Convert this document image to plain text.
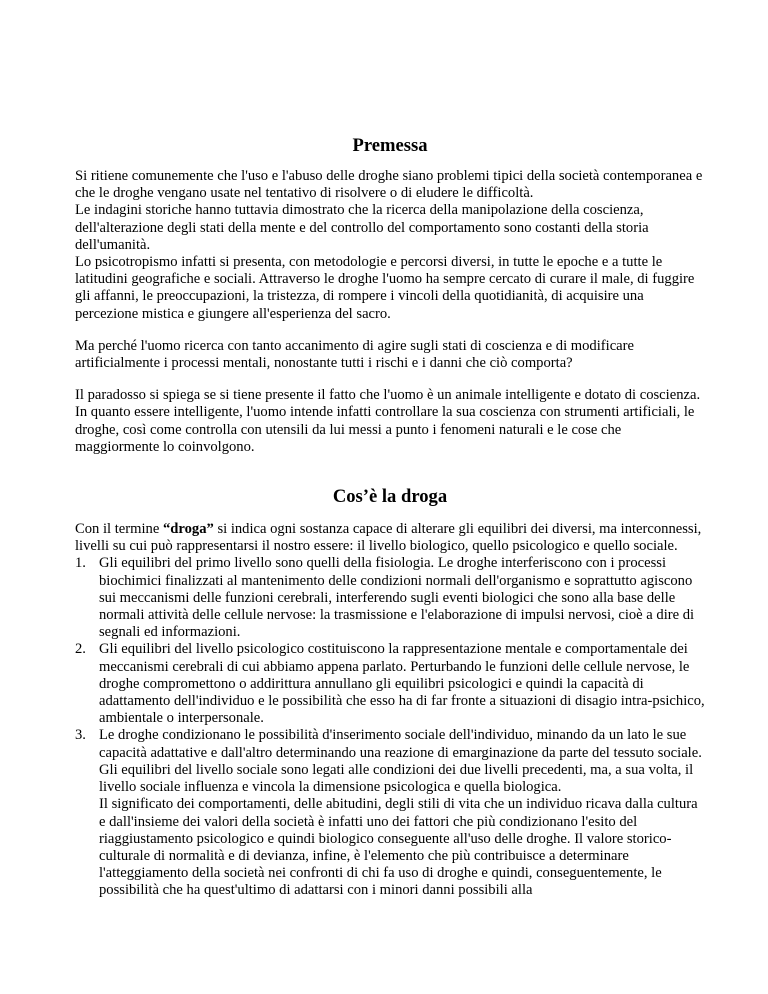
Premessa

Si ritiene comunemente che l'uso e l'abuso delle droghe siano problemi tipici della società contemporanea e che le droghe vengano usate nel tentativo di risolvere o di eludere le difficoltà.
Le indagini storiche hanno tuttavia dimostrato che la ricerca della manipolazione della coscienza, dell'alterazione degli stati della mente e del controllo del comportamento sono costanti della storia dell'umanità.
Lo psicotropismo infatti si presenta, con metodologie e percorsi diversi, in tutte le epoche e a tutte le latitudini geografiche e sociali. Attraverso le droghe l'uomo ha sempre cercato di curare il male, di fuggire gli affanni, le preoccupazioni, la tristezza, di rompere i vincoli della quotidianità, di acquisire una percezione mistica e giungere all'esperienza del sacro.

Ma perché l'uomo ricerca con tanto accanimento di agire sugli stati di coscienza e di modificare artificialmente i processi mentali, nonostante tutti i rischi e i danni che ciò comporta?

Il paradosso si spiega se si tiene presente il fatto che l'uomo è un animale intelligente e dotato di coscienza. In quanto essere intelligente, l'uomo intende infatti controllare la sua coscienza con strumenti artificiali, le droghe, così come controlla con utensili da lui messi a punto i fenomeni naturali e le cose che maggiormente lo coinvolgono.

Cos’è la droga

Con il termine “droga” si indica ogni sostanza capace di alterare gli equilibri dei diversi, ma interconnessi, livelli su cui può rappresentarsi il nostro essere: il livello biologico, quello psicologico e quello sociale.

1. Gli equilibri del primo livello sono quelli della fisiologia. Le droghe interferiscono con i processi biochimici finalizzati al mantenimento delle condizioni normali dell'organismo e soprattutto agiscono sui meccanismi delle funzioni cerebrali, interferendo sugli eventi biologici che sono alla base delle normali attività delle cellule nervose: la trasmissione e l'elaborazione di impulsi nervosi, cioè a dire di segnali ed informazioni.
2. Gli equilibri del livello psicologico costituiscono la rappresentazione mentale e comportamentale dei meccanismi cerebrali di cui abbiamo appena parlato. Perturbando le funzioni delle cellule nervose, le droghe compromettono o addirittura annullano gli equilibri psicologici e quindi la capacità di adattamento dell'individuo e le possibilità che esso ha di far fronte a situazioni di disagio intra-psichico, ambientale o interpersonale.
3. Le droghe condizionano le possibilità d'inserimento sociale dell'individuo, minando da un lato le sue capacità adattative e dall'altro determinando una reazione di emarginazione da parte del tessuto sociale. Gli equilibri del livello sociale sono legati alle condizioni dei due livelli precedenti, ma, a sua volta, il livello sociale influenza e vincola la dimensione psicologica e quella biologica.
Il significato dei comportamenti, delle abitudini, degli stili di vita che un individuo ricava dalla cultura e dall'insieme dei valori della società è infatti uno dei fattori che più condizionano l'esito del riaggiustamento psicologico e quindi biologico conseguente all'uso delle droghe. Il valore storico-culturale di normalità e di devianza, infine, è l'elemento che più contribuisce a determinare l'atteggiamento della società nei confronti di chi fa uso di droghe e quindi, conseguentemente, le possibilità che ha quest'ultimo di adattarsi con i minori danni possibili alla
